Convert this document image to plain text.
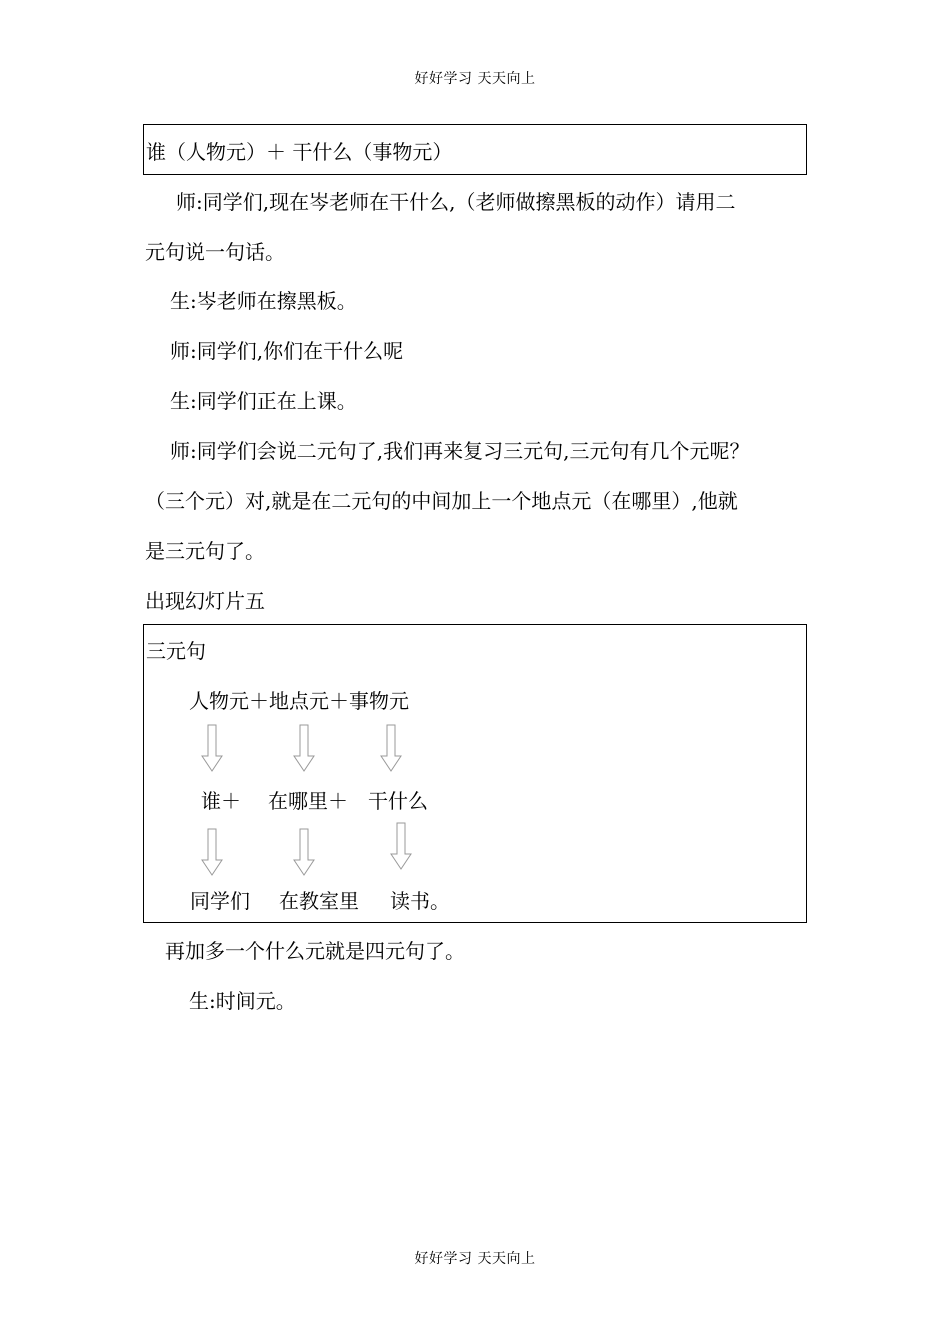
好好学习 天天向上
谁（人物元）＋ 干什么（事物元）
师:同学们,现在岑老师在干什么,（老师做擦黑板的动作）请用二
元句说一句话。
生:岑老师在擦黑板。
师:同学们,你们在干什么呢
生:同学们正在上课。
师:同学们会说二元句了,我们再来复习三元句,三元句有几个元呢？
（三个元）对,就是在二元句的中间加上一个地点元（在哪里）,他就
是三元句了。
出现幻灯片五
三元句
人物元＋地点元＋事物元
谁＋ 在哪里＋ 干什么
同学们 在教室里 读书。
再加多一个什么元就是四元句了。
生:时间元。
好好学习 天天向上
